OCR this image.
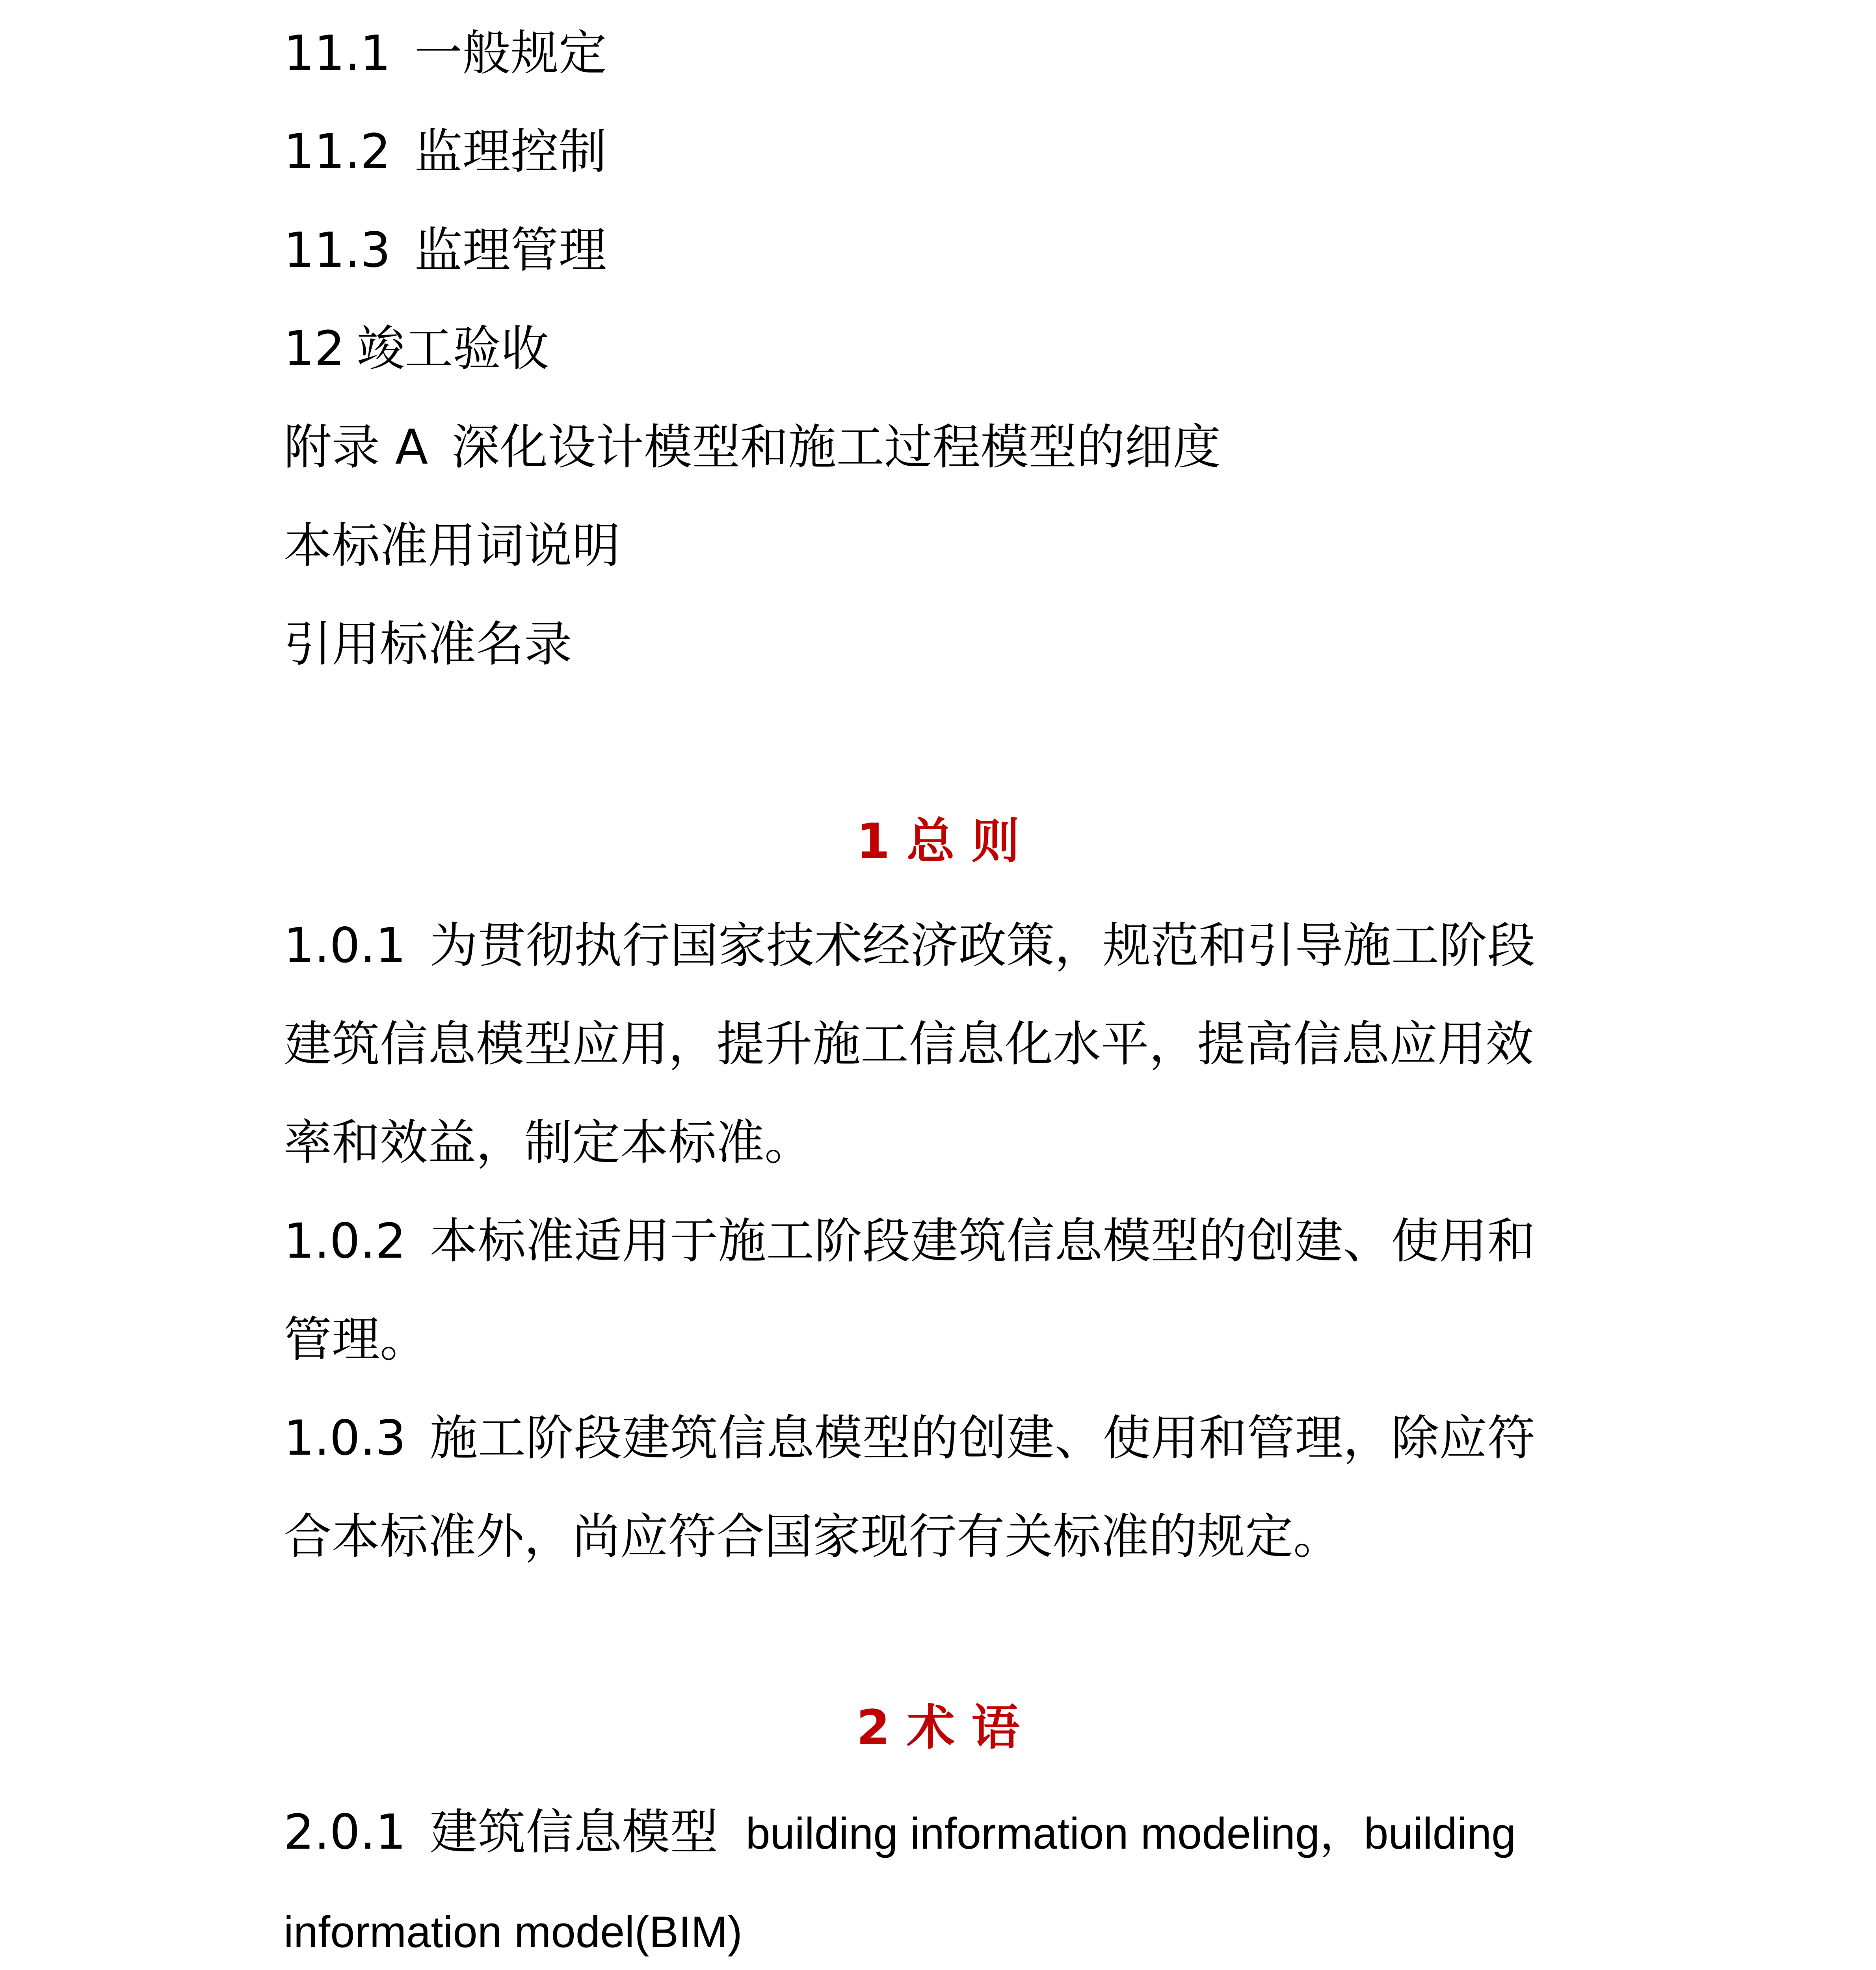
11.1 一般规定
11.2 监理控制
11.3 监理管理
12 竣工验收
附录 A 深化设计模型和施工过程模型的细度
本标准用词说明
引用标准名录
1 总 则
1.0.1 为贯彻执行国家技术经济政策，规范和引导施工阶段
建筑信息模型应用，提升施工信息化水平，提高信息应用效
率和效益，制定本标准。
1.0.2 本标准适用于施工阶段建筑信息模型的创建、使用和
管理。
1.0.3 施工阶段建筑信息模型的创建、使用和管理，除应符
合本标准外，尚应符合国家现行有关标准的规定。
2 术 语
2.0.1 建筑信息模型 building information modeling，building
information model(BIM)
